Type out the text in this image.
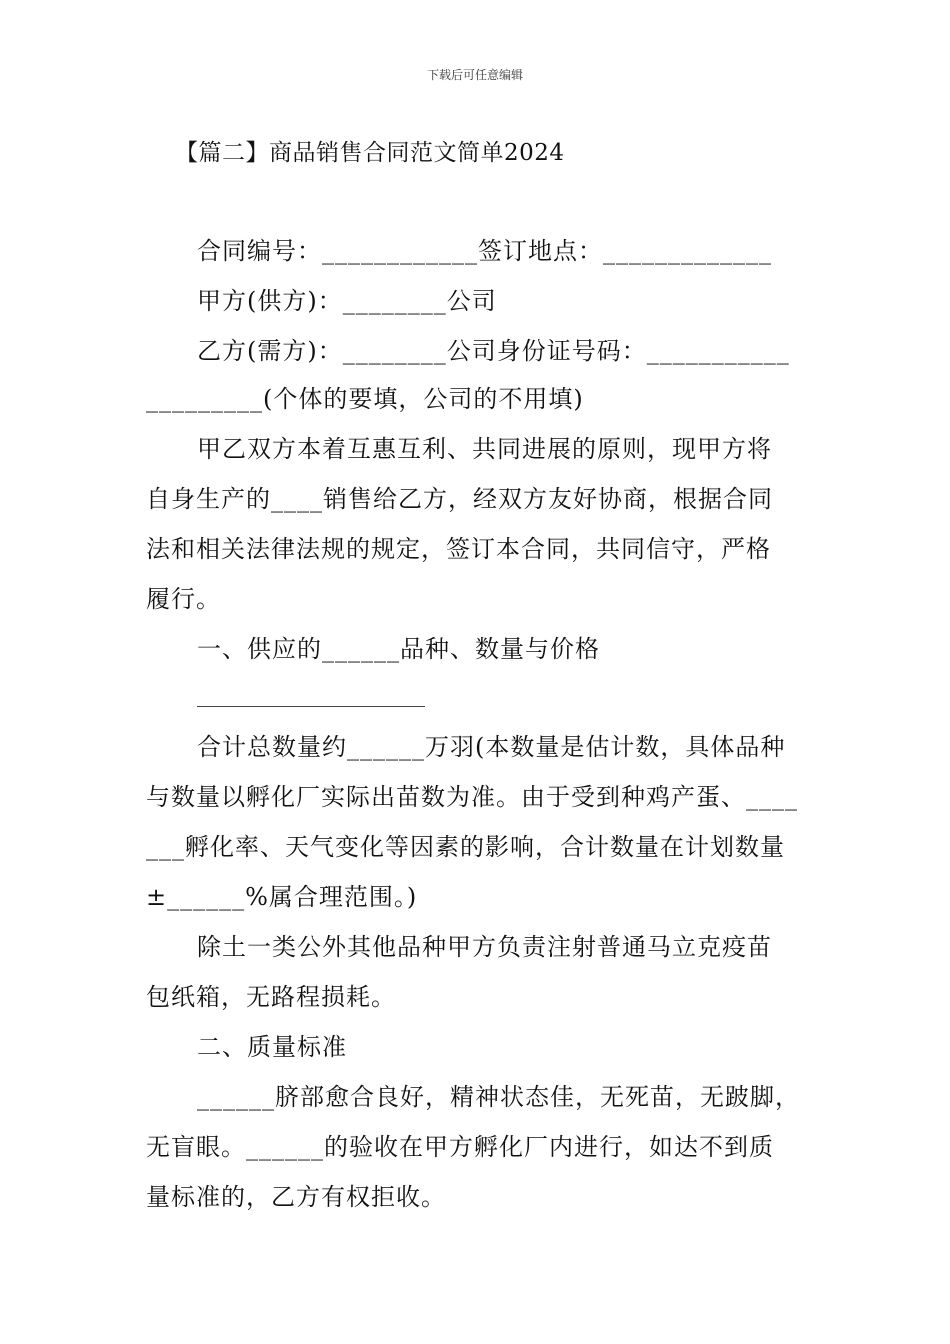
下载后可任意编辑
【篇二】商品销售合同范文简单2024
合同编号：____________签订地点：_____________
甲方(供方)：________公司
乙方(需方)：________公司身份证号码：___________
_________(个体的要填，公司的不用填)
甲乙双方本着互惠互利、共同进展的原则，现甲方将
自身生产的____销售给乙方，经双方友好协商，根据合同
法和相关法律法规的规定，签订本合同，共同信守，严格
履行。
一、供应的______品种、数量与价格
合计总数量约______万羽(本数量是估计数，具体品种
与数量以孵化厂实际出苗数为准。由于受到种鸡产蛋、____
___孵化率、天气变化等因素的影响，合计数量在计划数量
±______%属合理范围。)
除土一类公外其他品种甲方负责注射普通马立克疫苗
包纸箱，无路程损耗。
二、质量标准
______脐部愈合良好，精神状态佳，无死苗，无跛脚，
无盲眼。______的验收在甲方孵化厂内进行，如达不到质
量标准的，乙方有权拒收。
